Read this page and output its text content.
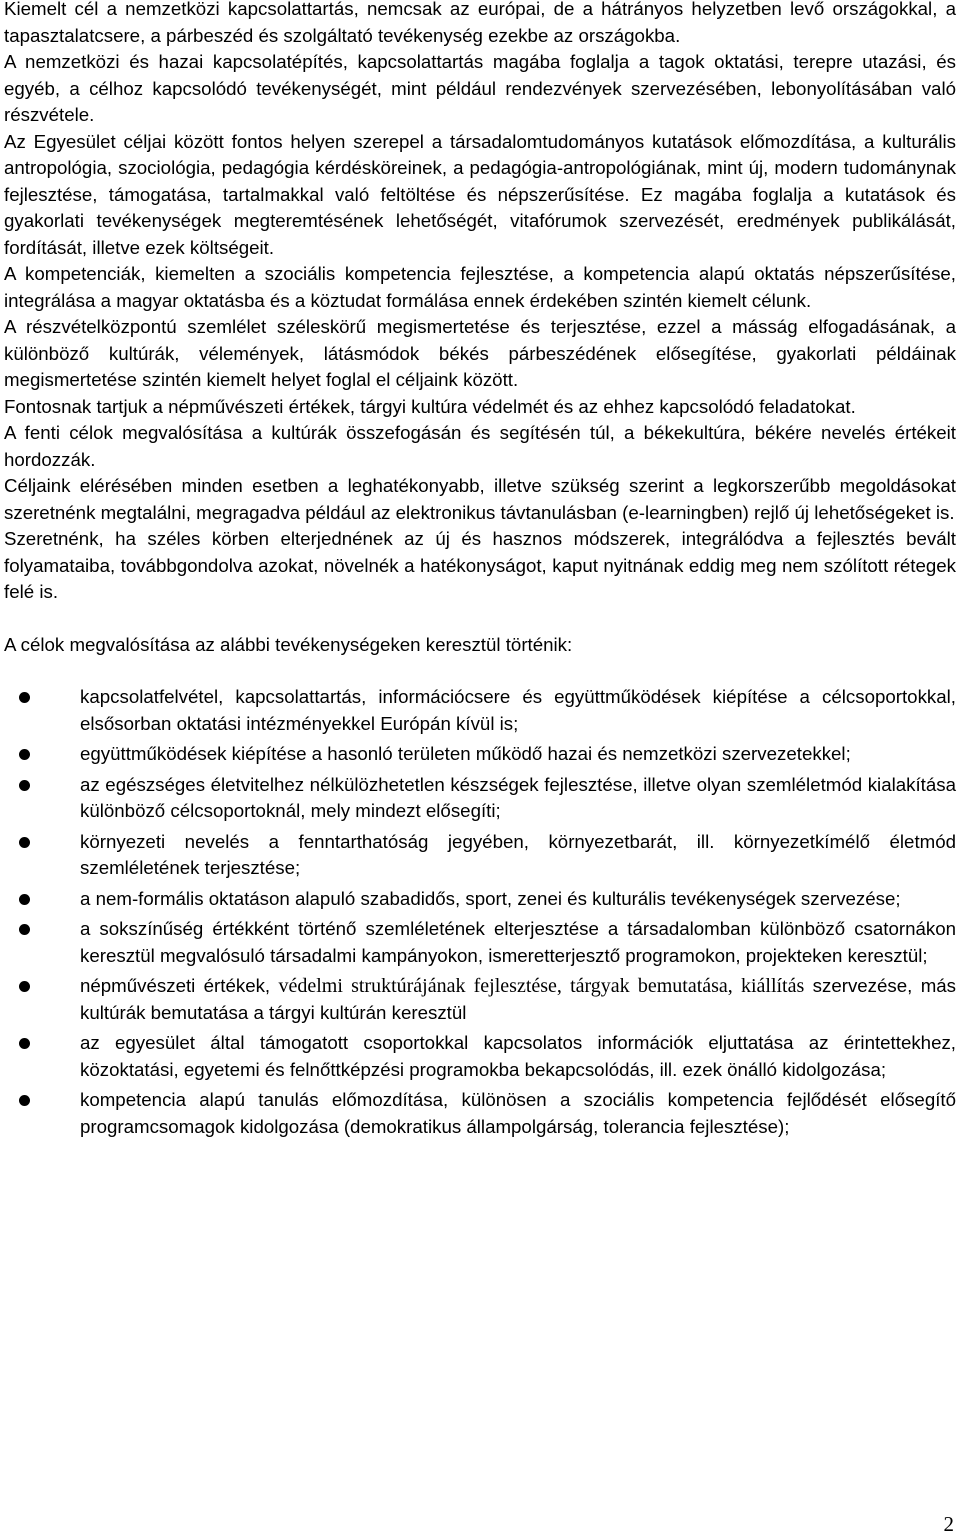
Kiemelt cél a nemzetközi kapcsolattartás, nemcsak az európai, de a hátrányos helyzetben levő országokkal, a tapasztalatcsere, a párbeszéd és szolgáltató tevékenység ezekbe az országokba.

A nemzetközi és hazai kapcsolatépítés, kapcsolattartás magába foglalja a tagok oktatási, terepre utazási, és egyéb, a célhoz kapcsolódó tevékenységét, mint például rendezvények szervezésében, lebonyolításában való részvétele.

Az Egyesület céljai között fontos helyen szerepel a társadalomtudományos kutatások előmozdítása, a kulturális antropológia, szociológia, pedagógia kérdésköreinek, a pedagógia-antropológiának, mint új, modern tudománynak fejlesztése, támogatása, tartalmakkal való feltöltése és népszerűsítése. Ez magába foglalja a kutatások és gyakorlati tevékenységek megteremtésének lehetőségét, vitafórumok szervezését, eredmények publikálását, fordítását, illetve ezek költségeit.

A kompetenciák, kiemelten a szociális kompetencia fejlesztése, a kompetencia alapú oktatás népszerűsítése, integrálása a magyar oktatásba és a köztudat formálása ennek érdekében szintén kiemelt célunk.

A részvételközpontú szemlélet széleskörű megismertetése és terjesztése, ezzel a másság elfogadásának, a különböző kultúrák, vélemények, látásmódok békés párbeszédének elősegítése, gyakorlati példáinak megismertetése szintén kiemelt helyet foglal el céljaink között.

Fontosnak tartjuk a népművészeti értékek, tárgyi kultúra védelmét és az ehhez kapcsolódó feladatokat.

A fenti célok megvalósítása a kultúrák összefogásán és segítésén túl, a békekultúra, békére nevelés értékeit hordozzák.

Céljaink elérésében minden esetben a leghatékonyabb, illetve szükség szerint a legkorszerűbb megoldásokat szeretnénk megtalálni, megragadva például az elektronikus távtanulásban (e-learningben) rejlő új lehetőségeket is.

Szeretnénk, ha széles körben elterjednének az új és hasznos módszerek, integrálódva a fejlesztés bevált folyamataiba, továbbgondolva azokat, növelnék a hatékonyságot, kaput nyitnának eddig meg nem szólított rétegek felé is.

A célok megvalósítása az alábbi tevékenységeken keresztül történik:

kapcsolatfelvétel, kapcsolattartás, információcsere és együttműködések kiépítése a célcsoportokkal, elsősorban oktatási intézményekkel Európán kívül is;
együttműködések kiépítése a hasonló területen működő hazai és nemzetközi szervezetekkel;
az egészséges életvitelhez nélkülözhetetlen készségek fejlesztése, illetve olyan szemléletmód kialakítása különböző célcsoportoknál, mely mindezt elősegíti;
környezeti nevelés a fenntarthatóság jegyében, környezetbarát, ill. környezetkímélő életmód szemléletének terjesztése;
a nem-formális oktatáson alapuló szabadidős, sport, zenei és kulturális tevékenységek szervezése;
a sokszínűség értékként történő szemléletének elterjesztése a társadalomban különböző csatornákon keresztül megvalósuló társadalmi kampányokon, ismeretterjesztő programokon, projekteken keresztül;
népművészeti értékek, védelmi struktúrájának fejlesztése, tárgyak bemutatása, kiállítás szervezése, más kultúrák bemutatása a tárgyi kultúrán keresztül
az egyesület által támogatott csoportokkal kapcsolatos információk eljuttatása az érintettekhez, közoktatási, egyetemi és felnőttképzési programokba bekapcsolódás, ill. ezek önálló kidolgozása;
kompetencia alapú tanulás előmozdítása, különösen a szociális kompetencia fejlődését elősegítő programcsomagok kidolgozása (demokratikus állampolgárság, tolerancia fejlesztése);
2
